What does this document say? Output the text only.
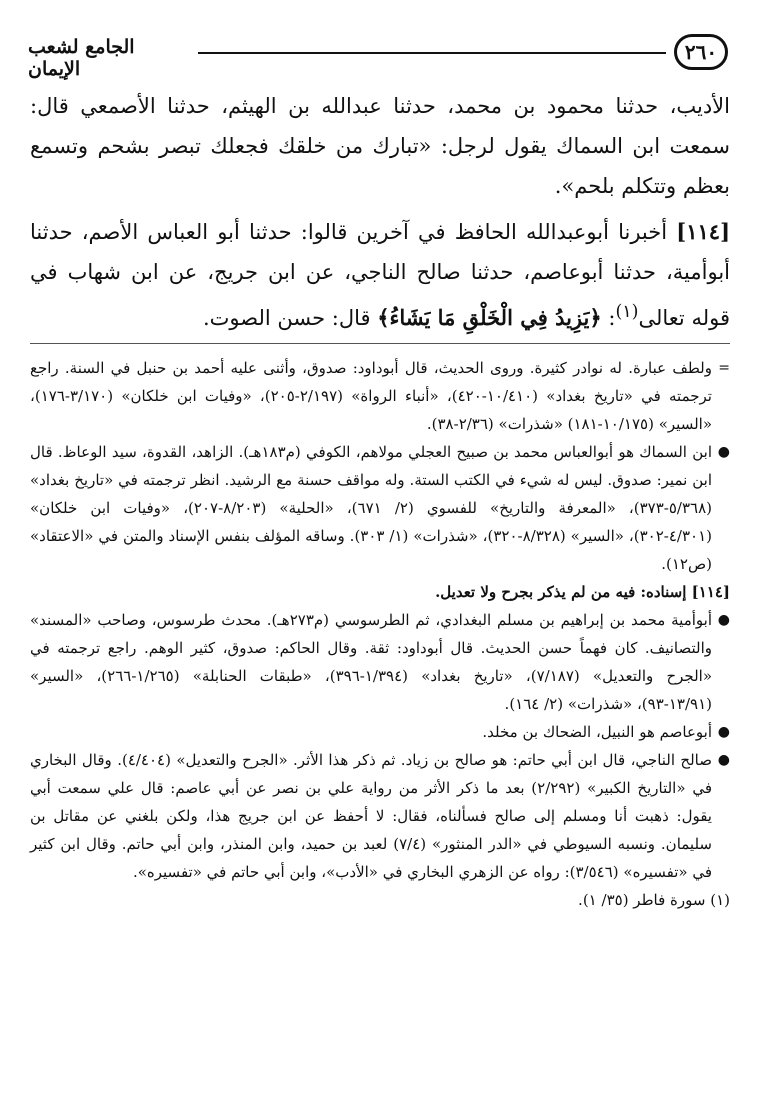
٢٦٠
الجامع لشعب الإيمان

الأديب، حدثنا محمود بن محمد، حدثنا عبدالله بن الهيثم، حدثنا الأصمعي قال: سمعت ابن السماك يقول لرجل: «تبارك من خلقك فجعلك تبصر بشحم وتسمع بعظم وتتكلم بلحم».

[١١٤] أخبرنا أبوعبدالله الحافظ في آخرين قالوا: حدثنا أبو العباس الأصم، حدثنا أبوأمية، حدثنا أبوعاصم، حدثنا صالح الناجي، عن ابن جريج، عن ابن شهاب في قوله تعالى$^{(١)}$: ﴿يَزِيدُ فِي الْخَلْقِ مَا يَشَاءُ﴾ قال: حسن الصوت.

=
ولطف عبارة. له نوادر كثيرة. وروى الحديث، قال أبوداود: صدوق، وأثنى عليه أحمد بن حنبل في السنة. راجع ترجمته في «تاريخ بغداد» (١٠/٤١٠-٤٢٠)، «أنباء الرواة» (٢/١٩٧-٢٠٥)، «وفيات ابن خلكان» (٣/١٧٠-١٧٦)، «السير» (١٠/١٧٥-١٨١) «شذرات» (٢/٣٦-٣٨).

●
ابن السماك هو أبوالعباس محمد بن صبيح العجلي مولاهم، الكوفي (م١٨٣هـ). الزاهد، القدوة، سيد الوعاظ. قال ابن نمير: صدوق. ليس له شيء في الكتب الستة. وله مواقف حسنة مع الرشيد. انظر ترجمته في «تاريخ بغداد» (٥/٣٦٨-٣٧٣)، «المعرفة والتاريخ» للفسوي (٢/ ٦٧١)، «الحلية» (٨/٢٠٣-٢٠٧)، «وفيات ابن خلكان» (٤/٣٠١-٣٠٢)، «السير» (٨/٣٢٨-٣٢٠)، «شذرات» (١/ ٣٠٣). وساقه المؤلف بنفس الإسناد والمتن في «الاعتقاد» (ص١٢).

[١١٤] إسناده: فيه من لم يذكر بجرح ولا تعديل.

●
أبوأمية محمد بن إبراهيم بن مسلم البغدادي، ثم الطرسوسي (م٢٧٣هـ). محدث طرسوس، وصاحب «المسند» والتصانيف. كان فهماً حسن الحديث. قال أبوداود: ثقة. وقال الحاكم: صدوق، كثير الوهم. راجع ترجمته في «الجرح والتعديل» (٧/١٨٧)، «تاريخ بغداد» (١/٣٩٤-٣٩٦)، «طبقات الحنابلة» (١/٢٦٥-٢٦٦)، «السير» (١٣/٩١-٩٣)، «شذرات» (٢/ ١٦٤).

●
أبوعاصم هو النبيل، الضحاك بن مخلد.

●
صالح الناجي، قال ابن أبي حاتم: هو صالح بن زياد. ثم ذكر هذا الأثر. «الجرح والتعديل» (٤/٤٠٤). وقال البخاري في «التاريخ الكبير» (٢/٢٩٢) بعد ما ذكر الأثر من رواية علي بن نصر عن أبي عاصم: قال علي سمعت أبي يقول: ذهبت أنا ومسلم إلى صالح فسألناه، فقال: لا أحفظ عن ابن جريج هذا، ولكن بلغني عن مقاتل بن سليمان. ونسبه السيوطي في «الدر المنثور» (٧/٤) لعبد بن حميد، وابن المنذر، وابن أبي حاتم. وقال ابن كثير في «تفسيره» (٣/٥٤٦): رواه عن الزهري البخاري في «الأدب»، وابن أبي حاتم في «تفسيره».

(١) سورة فاطر (٣٥/ ١).
